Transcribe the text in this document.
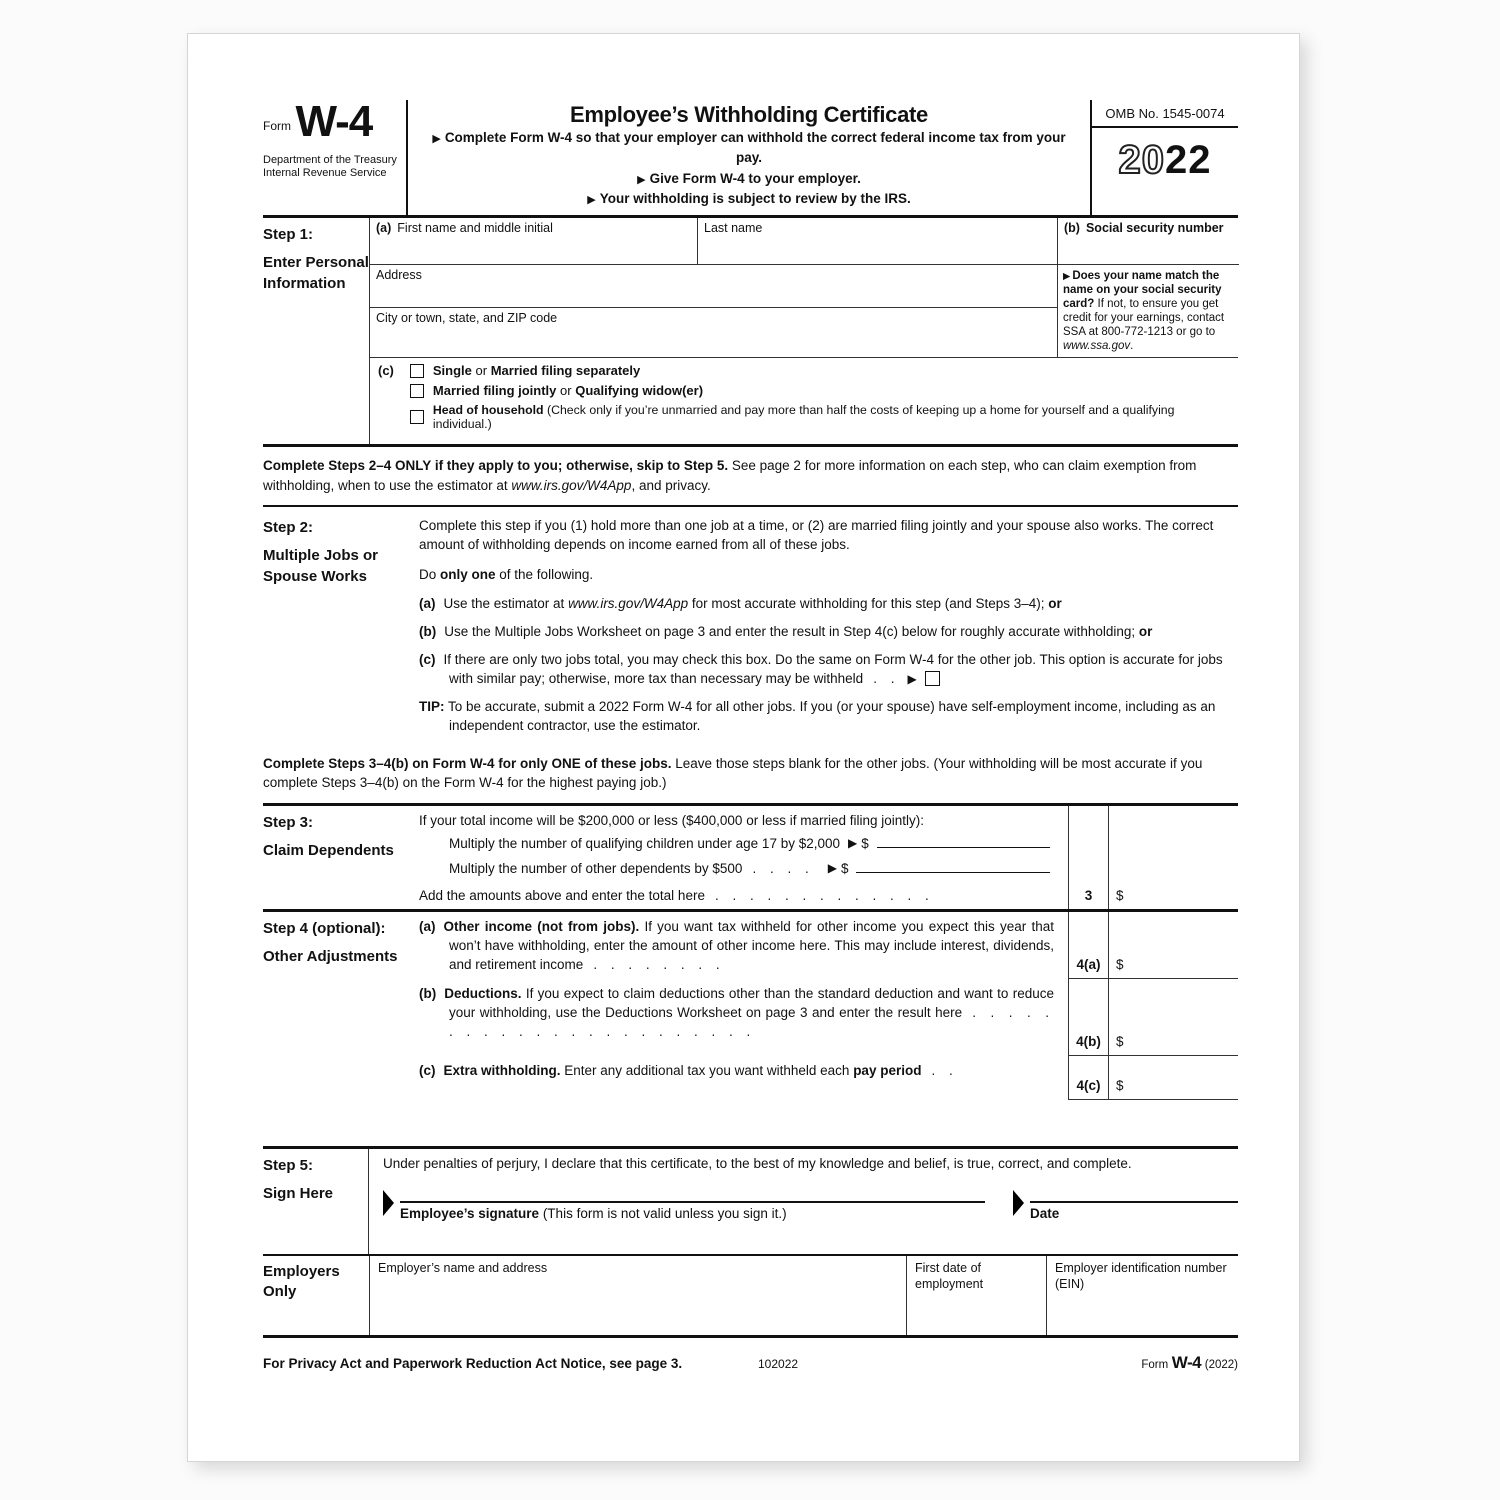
$^{Form}$ W-4
Department of the Treasury
Internal Revenue Service
Employee’s Withholding Certificate
▶ Complete Form W-4 so that your employer can withhold the correct federal income tax from your pay.
▶ Give Form W-4 to your employer.
▶ Your withholding is subject to review by the IRS.
OMB No. 1545-0074
2022
Step 1:
Enter Personal Information
(a) First name and middle initial	Last name	(b) Social security number
Address
City or town, state, and ZIP code
▶ Does your name match the name on your social security card? If not, to ensure you get credit for your earnings, contact SSA at 800-772-1213 or go to www.ssa.gov.
(c)	Single or Married filing separately
Married filing jointly or Qualifying widow(er)
Head of household (Check only if you’re unmarried and pay more than half the costs of keeping up a home for yourself and a qualifying individual.)
Complete Steps 2–4 ONLY if they apply to you; otherwise, skip to Step 5. See page 2 for more information on each step, who can claim exemption from withholding, when to use the estimator at www.irs.gov/W4App, and privacy.
Step 2:
Multiple Jobs or Spouse Works

Complete this step if you (1) hold more than one job at a time, or (2) are married filing jointly and your spouse also works. The correct amount of withholding depends on income earned from all of these jobs.

Do only one of the following.

(a) Use the estimator at www.irs.gov/W4App for most accurate withholding for this step (and Steps 3–4); or
(b) Use the Multiple Jobs Worksheet on page 3 and enter the result in Step 4(c) below for roughly accurate withholding; or
(c) If there are only two jobs total, you may check this box. Do the same on Form W-4 for the other job. This option is accurate for jobs with similar pay; otherwise, more tax than necessary may be withheld . . ▶
TIP: To be accurate, submit a 2022 Form W-4 for all other jobs. If you (or your spouse) have self-employment income, including as an independent contractor, use the estimator.
Complete Steps 3–4(b) on Form W-4 for only ONE of these jobs. Leave those steps blank for the other jobs. (Your withholding will be most accurate if you complete Steps 3–4(b) on the Form W-4 for the highest paying job.)
Step 3:
Claim Dependents
If your total income will be $200,000 or less ($400,000 or less if married filing jointly):
Multiply the number of qualifying children under age 17 by $2,000 ▶ $
Multiply the number of other dependents by $500 . . . . ▶ $
Add the amounts above and enter the total here . . . . . . . . . . . . .	3 $
Step 4 (optional):
Other Adjustments
(a) Other income (not from jobs). If you want tax withheld for other income you expect this year that won’t have withholding, enter the amount of other income here. This may include interest, dividends, and retirement income . . . . . . . .	4(a) $
(b) Deductions. If you expect to claim deductions other than the standard deduction and want to reduce your withholding, use the Deductions Worksheet on page 3 and enter the result here . . . . . . . . . . . . . . . . . . . . . . .
4(b) $
(c) Extra withholding. Enter any additional tax you want withheld each pay period . .
4(c) $
Step 5:
Sign Here
Under penalties of perjury, I declare that this certificate, to the best of my knowledge and belief, is true, correct, and complete.
Employee’s signature (This form is not valid unless you sign it.)	Date
Employers Only
Employer’s name and address	First date of employment
Employer identification number (EIN)
For Privacy Act and Paperwork Reduction Act Notice, see page 3.	102022	Form W-4 (2022)
